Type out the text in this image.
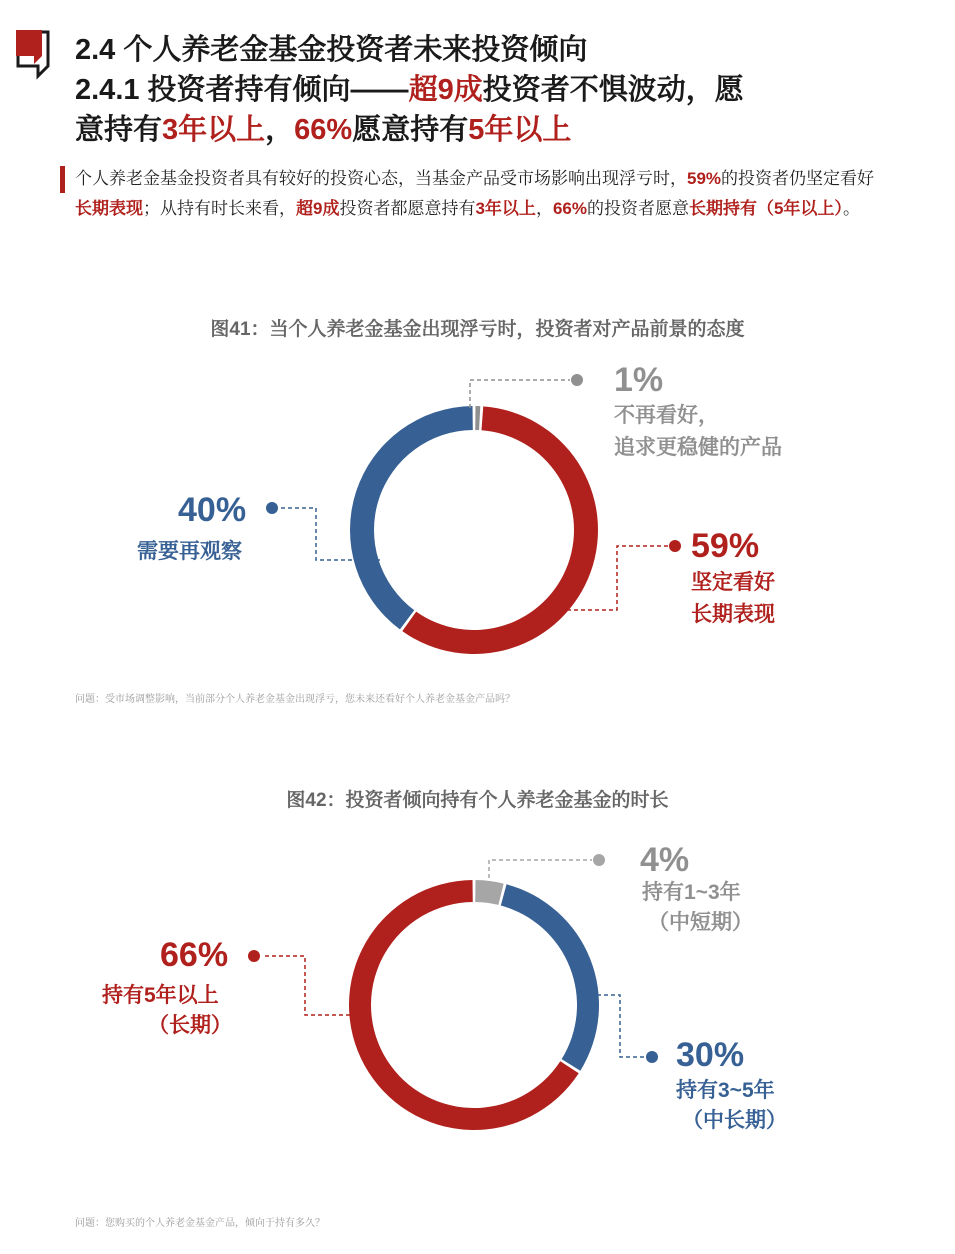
2.4 个人养老金基金投资者未来投资倾向
2.4.1 投资者持有倾向——超9成投资者不惧波动，愿
意持有3年以上，66%愿意持有5年以上
个人养老金基金投资者具有较好的投资心态，当基金产品受市场影响出现浮亏时，59%的投资者仍坚定看好长期表现；从持有时长来看，超9成投资者都愿意持有3年以上，66%的投资者愿意长期持有（5年以上）。
图41：当个人养老金基金出现浮亏时，投资者对产品前景的态度
1%
不再看好，
追求更稳健的产品
40%
需要再观察	59%
坚定看好
长期表现
问题：受市场调整影响，当前部分个人养老金基金出现浮亏，您未来还看好个人养老金基金产品吗？
图42：投资者倾向持有个人养老金基金的时长
4%
持有1~3年
（中短期）
66%
持有5年以上
（长期）
30%
持有3~5年
（中长期）
问题：您购买的个人养老金基金产品，倾向于持有多久？
